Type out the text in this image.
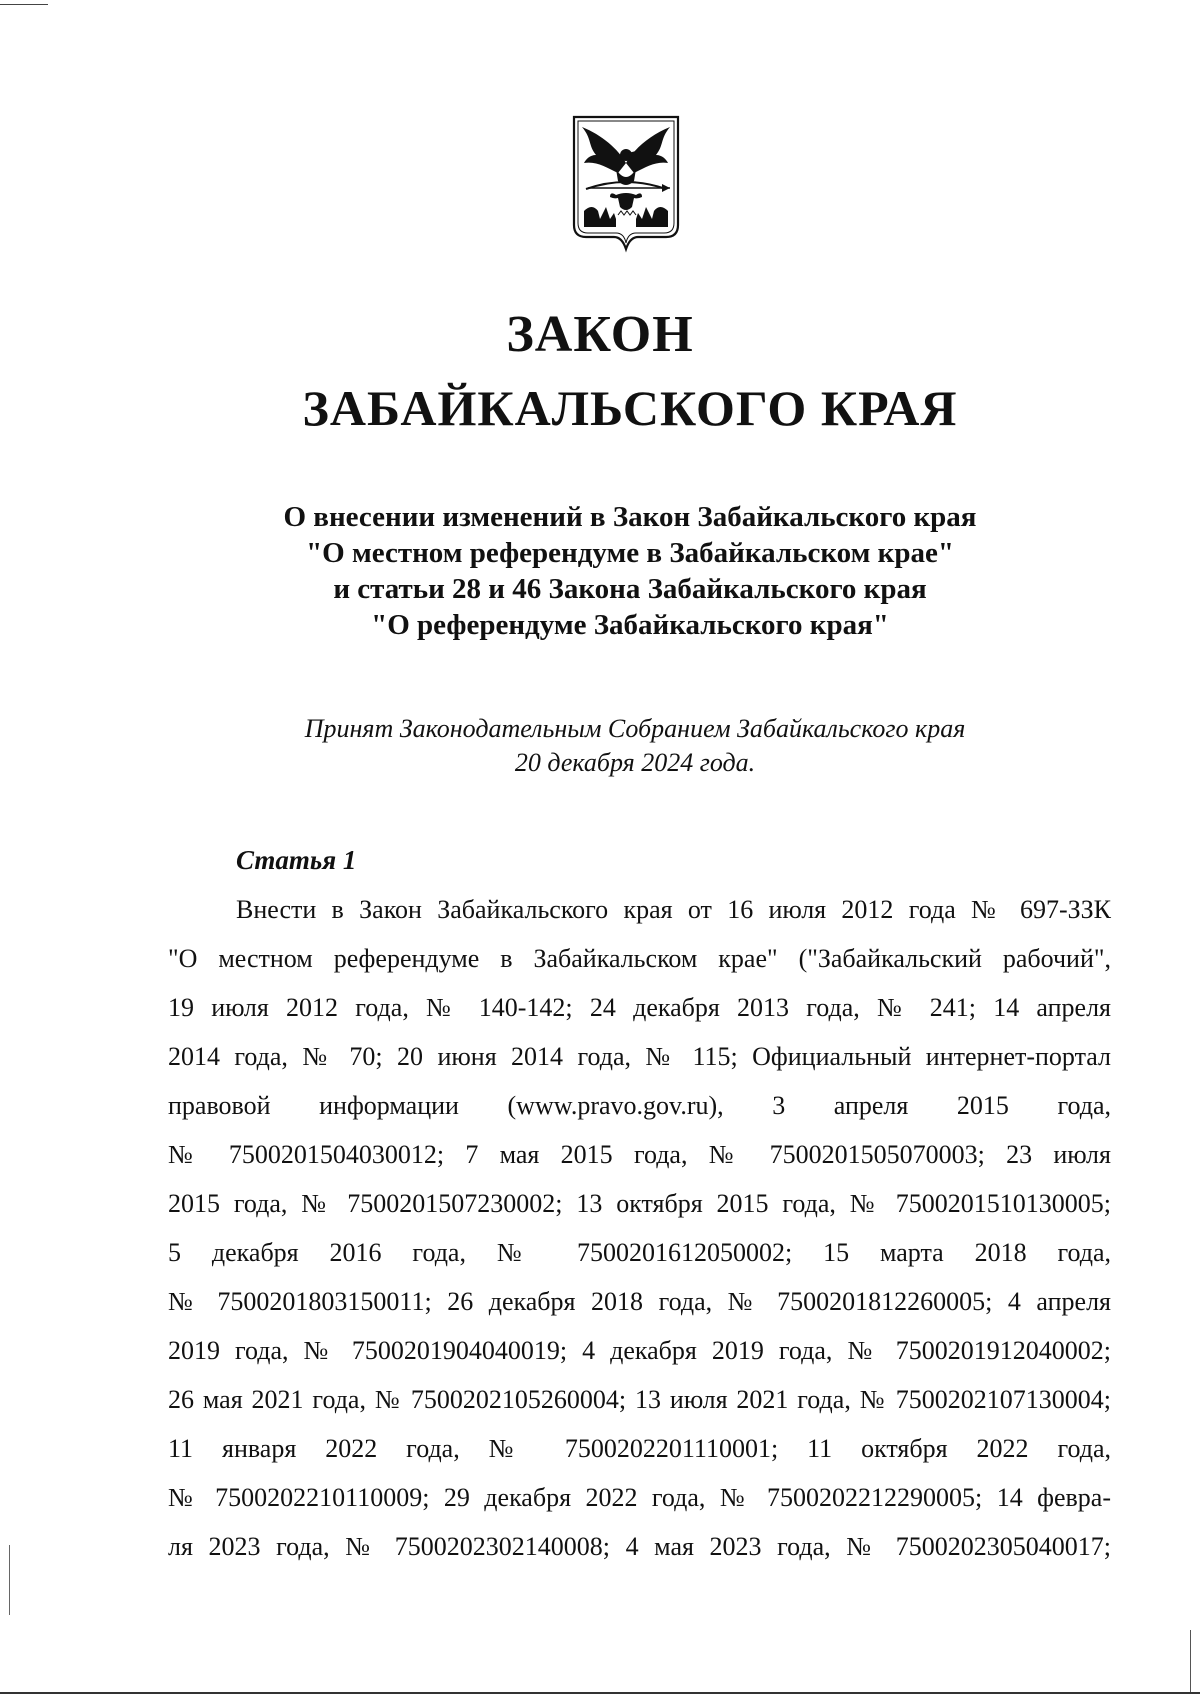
ЗАКОН
ЗАБАЙКАЛЬСКОГО КРАЯ
О внесении изменений в Закон Забайкальского края
"О местном референдуме в Забайкальском крае"
и статьи 28 и 46 Закона Забайкальского края
"О референдуме Забайкальского края"
Принят Законодательным Собранием Забайкальского края
20 декабря 2024 года.
Статья 1
Внести в Закон Забайкальского края от 16 июля 2012 года № 697-ЗЗК
"О местном референдуме в Забайкальском крае" ("Забайкальский рабочий",
19 июля 2012 года, № 140-142; 24 декабря 2013 года, № 241; 14 апреля
2014 года, № 70; 20 июня 2014 года, № 115; Официальный интернет-портал
правовой информации (www.pravo.gov.ru), 3 апреля 2015 года,
№ 7500201504030012; 7 мая 2015 года, № 7500201505070003; 23 июля
2015 года, № 7500201507230002; 13 октября 2015 года, № 7500201510130005;
5 декабря 2016 года, № 7500201612050002; 15 марта 2018 года,
№ 7500201803150011; 26 декабря 2018 года, № 7500201812260005; 4 апреля
2019 года, № 7500201904040019; 4 декабря 2019 года, № 7500201912040002;
26 мая 2021 года, № 7500202105260004; 13 июля 2021 года, № 7500202107130004;
11 января 2022 года, № 7500202201110001; 11 октября 2022 года,
№ 7500202210110009; 29 декабря 2022 года, № 7500202212290005; 14 февра-
ля 2023 года, № 7500202302140008; 4 мая 2023 года, № 7500202305040017;
